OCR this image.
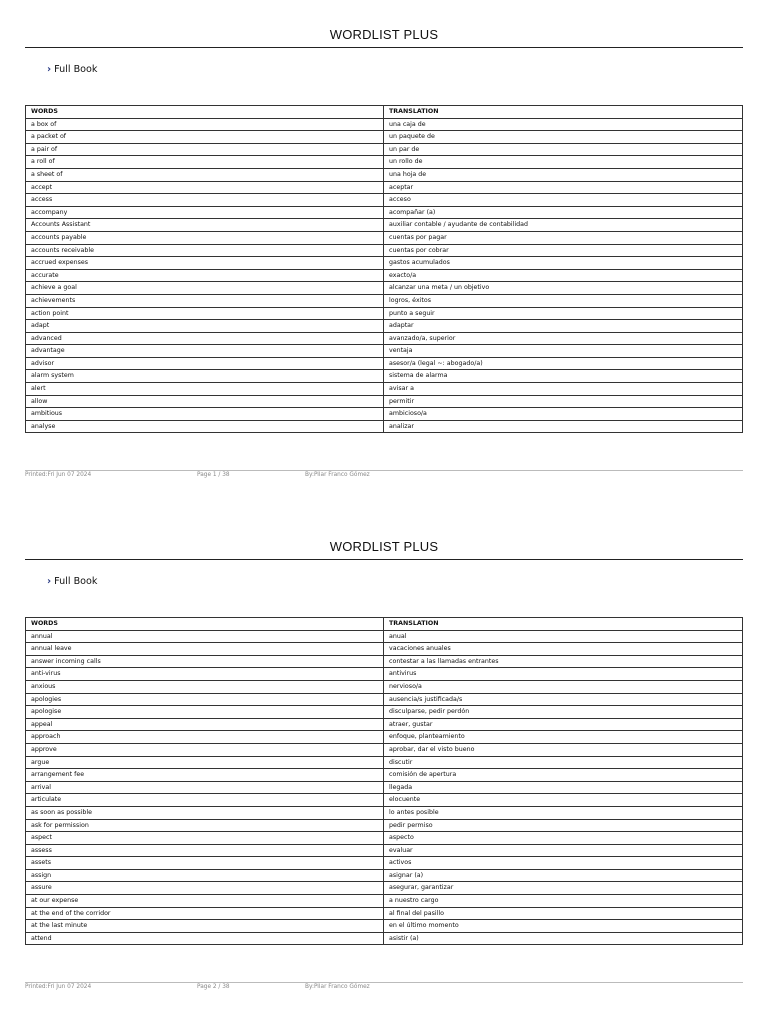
WORDLIST PLUS
› Full Book
WORDS	TRANSLATION
a box of	una caja de
a packet of	un paquete de
a pair of	un par de
a roll of	un rollo de
a sheet of	una hoja de
accept	aceptar
access	acceso
accompany	acompañar (a)
Accounts Assistant	auxiliar contable / ayudante de contabilidad
accounts payable	cuentas por pagar
accounts receivable	cuentas por cobrar
accrued expenses	gastos acumulados
accurate	exacto/a
achieve a goal	alcanzar una meta / un objetivo
achievements	logros, éxitos
action point	punto a seguir
adapt	adaptar
advanced	avanzado/a, superior
advantage	ventaja
advisor	asesor/a (legal ~: abogado/a)
alarm system	sistema de alarma
alert	avisar a
allow	permitir
ambitious	ambicioso/a
analyse	analizar
Printed:Fri Jun 07 2024	Page 1 / 38	By:Pilar Franco Gómez
WORDLIST PLUS
› Full Book
WORDS	TRANSLATION
annual	anual
annual leave	vacaciones anuales
answer incoming calls	contestar a las llamadas entrantes
anti-virus	antivirus
anxious	nervioso/a
apologies	ausencia/s justificada/s
apologise	disculparse, pedir perdón
appeal	atraer, gustar
approach	enfoque, planteamiento
approve	aprobar, dar el visto bueno
argue	discutir
arrangement fee	comisión de apertura
arrival	llegada
articulate	elocuente
as soon as possible	lo antes posible
ask for permission	pedir permiso
aspect	aspecto
assess	evaluar
assets	activos
assign	asignar (a)
assure	asegurar, garantizar
at our expense	a nuestro cargo
at the end of the corridor	al final del pasillo
at the last minute	en el último momento
attend	asistir (a)
Printed:Fri Jun 07 2024	Page 2 / 38	By:Pilar Franco Gómez
